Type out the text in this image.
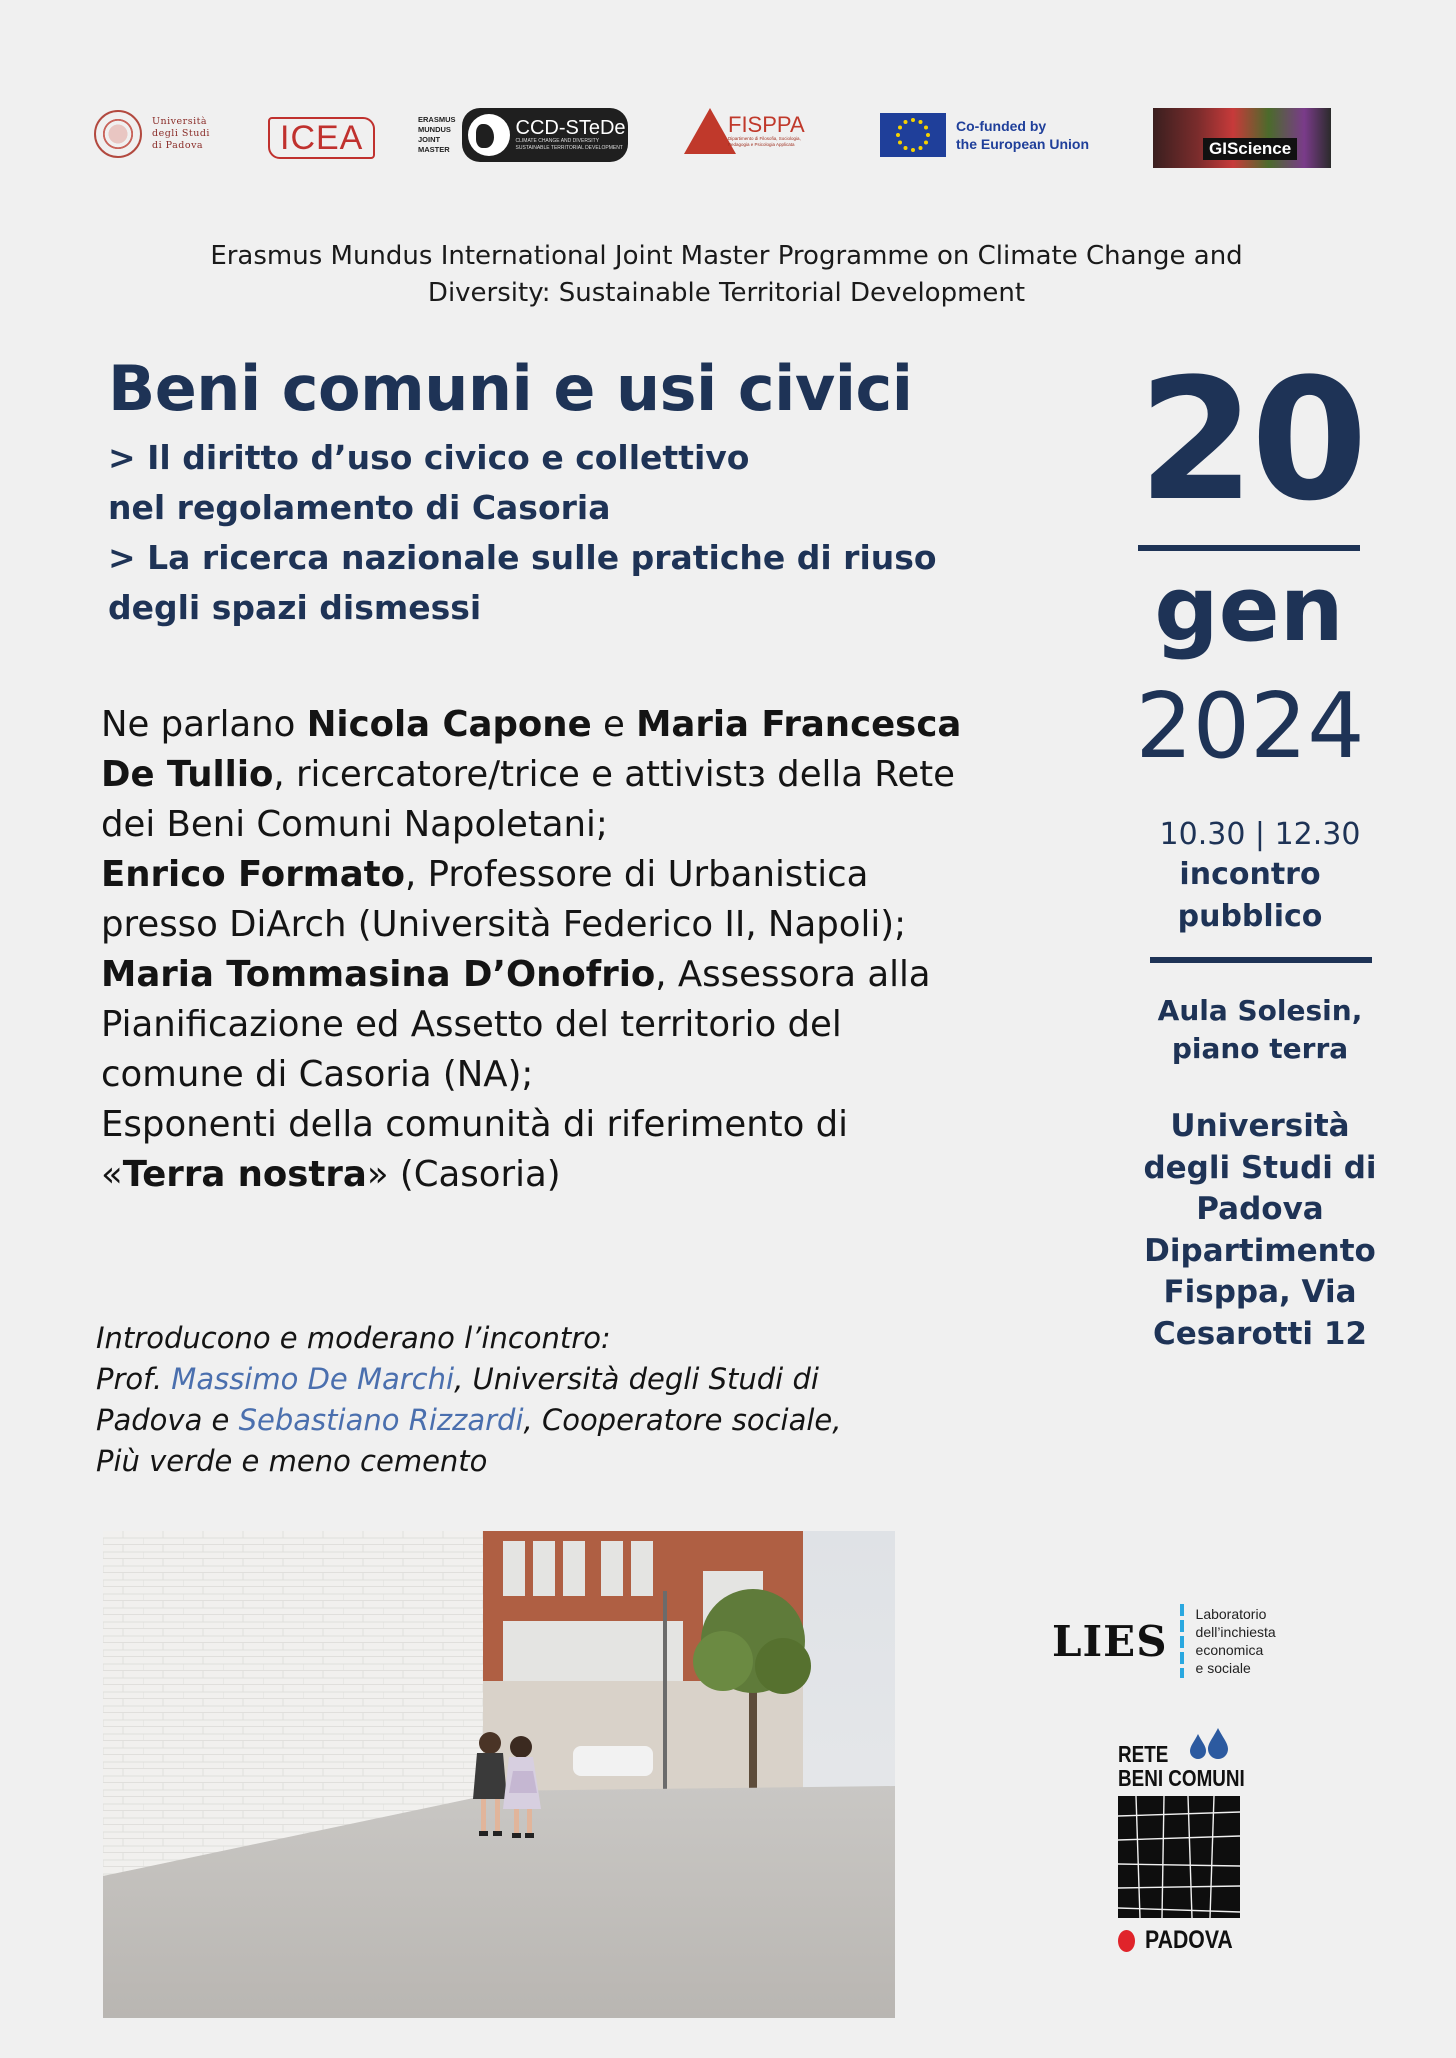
Università
degli Studi
di Padova	ICEA	ERASMUS
MUNDUS
JOINT
MASTER
CCD-STeDe
CLIMATE CHANGE AND DIVERSITY
SUSTAINABLE TERRITORIAL DEVELOPMENT
FISPPA
Dipartimento di Filosofia, Sociologia,
Pedagogia e Psicologia Applicata
Co-funded by
the European Union	GIScience
Erasmus Mundus International Joint Master Programme on Climate Change and
Diversity: Sustainable Territorial Development
Beni comuni e usi civici
> Il diritto d’uso civico e collettivo
nel regolamento di Casoria
> La ricerca nazionale sulle pratiche di riuso
degli spazi dismessi

Ne parlano Nicola Capone e Maria Francesca

De Tullio, ricercatore/trice e attivistз della Rete

dei Beni Comuni Napoletani;

Enrico Formato, Professore di Urbanistica

presso DiArch (Università Federico II, Napoli);

Maria Tommasina D’Onofrio, Assessora alla

Pianificazione ed Assetto del territorio del

comune di Casoria (NA);

Esponenti della comunità di riferimento di

«Terra nostra» (Casoria)

Introducono e moderano l’incontro:

Prof. Massimo De Marchi, Università degli Studi di

Padova e Sebastiano Rizzardi, Cooperatore sociale,

Più verde e meno cemento

20
gen
2024
10.30 | 12.30
incontro
pubblico
Aula Solesin,
piano terra
Università
degli Studi di
Padova
Dipartimento
Fisppa, Via
Cesarotti 12
LIES
Laboratorio
dell’inchiesta
economica
e sociale
RETE
BENI COMUNI
PADOVA
